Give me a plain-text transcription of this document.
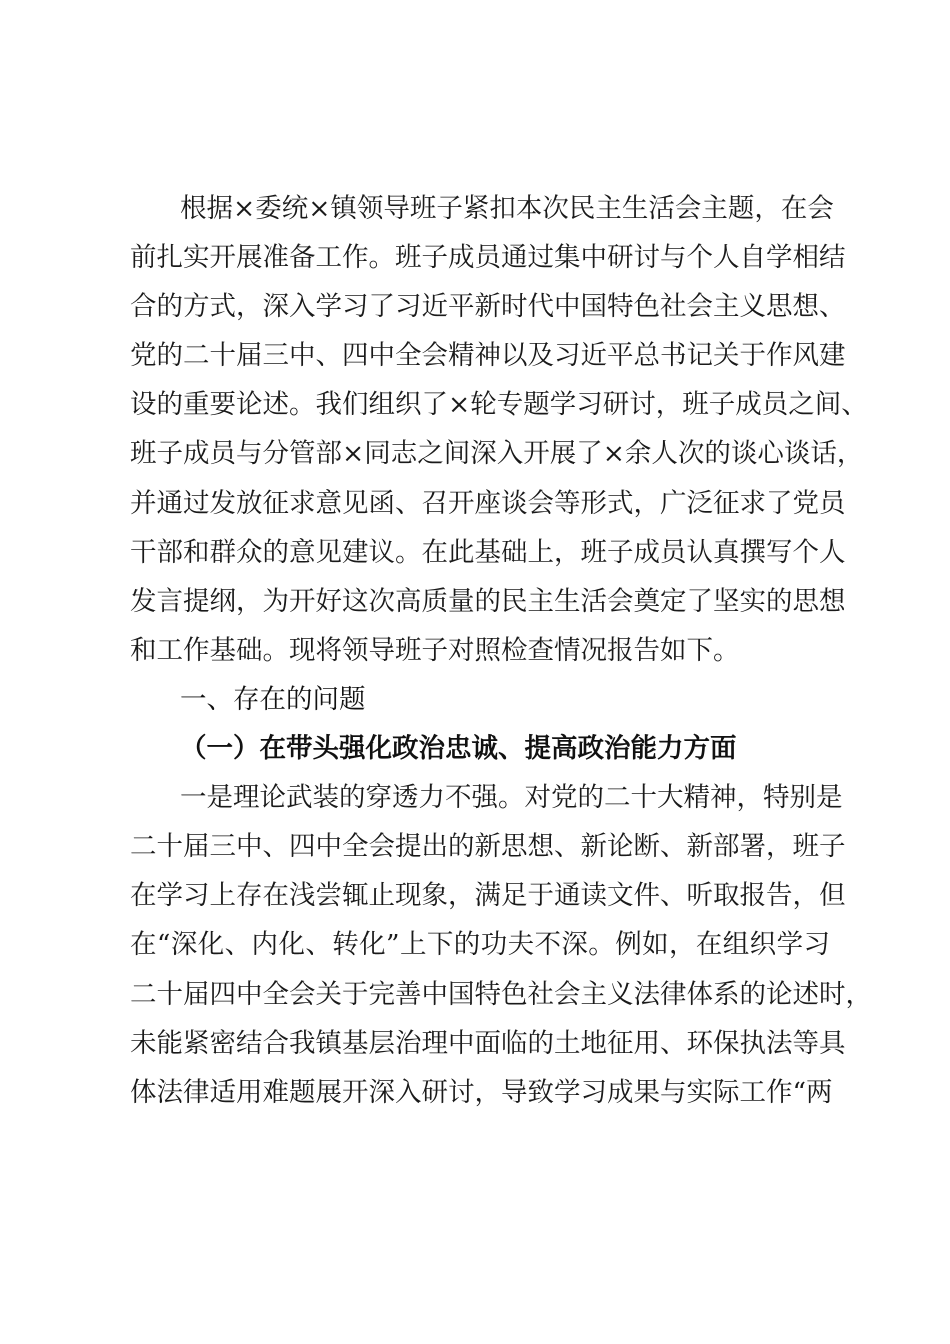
根据×委统×镇领导班子紧扣本次民主生活会主题，在会
前扎实开展准备工作。班子成员通过集中研讨与个人自学相结
合的方式，深入学习了习近平新时代中国特色社会主义思想、
党的二十届三中、四中全会精神以及习近平总书记关于作风建
设的重要论述。我们组织了×轮专题学习研讨，班子成员之间、
班子成员与分管部×同志之间深入开展了×余人次的谈心谈话，
并通过发放征求意见函、召开座谈会等形式，广泛征求了党员
干部和群众的意见建议。在此基础上，班子成员认真撰写个人
发言提纲，为开好这次高质量的民主生活会奠定了坚实的思想
和工作基础。现将领导班子对照检查情况报告如下。
一、存在的问题
（一）在带头强化政治忠诚、提高政治能力方面
一是理论武装的穿透力不强。对党的二十大精神，特别是
二十届三中、四中全会提出的新思想、新论断、新部署，班子
在学习上存在浅尝辄止现象，满足于通读文件、听取报告，但
在“深化、内化、转化”上下的功夫不深。例如，在组织学习
二十届四中全会关于完善中国特色社会主义法律体系的论述时，
未能紧密结合我镇基层治理中面临的土地征用、环保执法等具
体法律适用难题展开深入研讨，导致学习成果与实际工作“两
